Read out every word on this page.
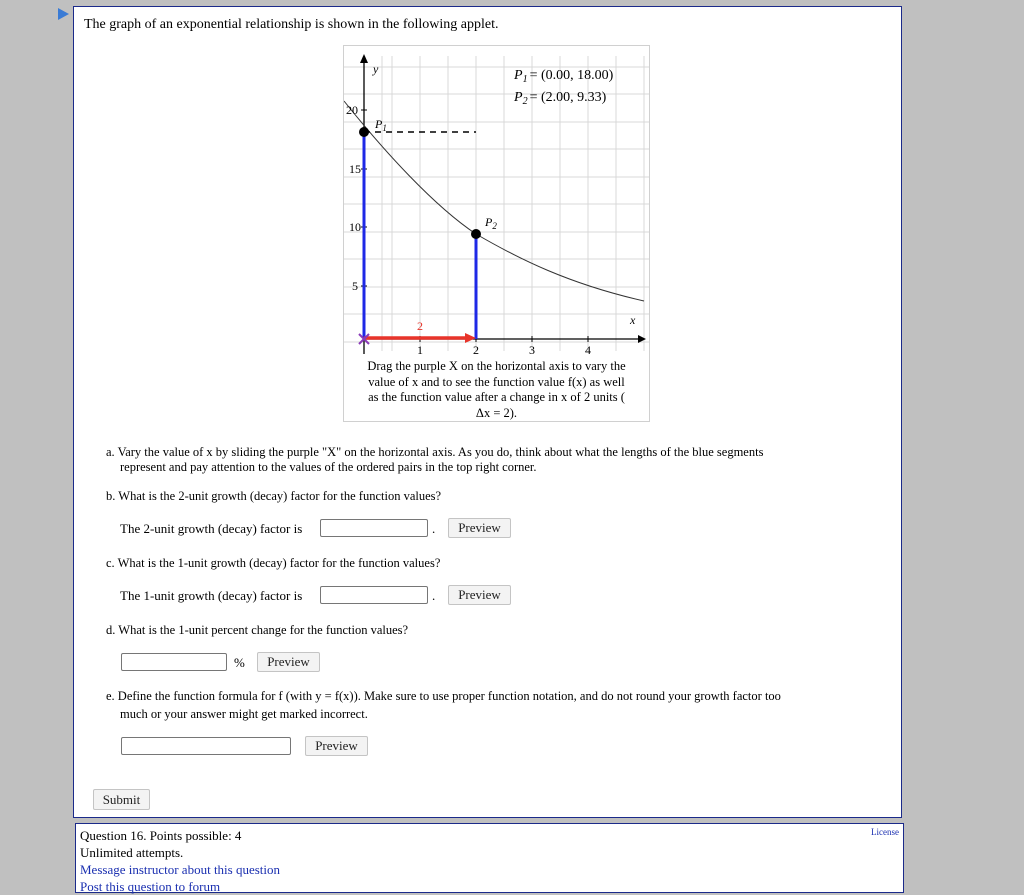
The graph of an exponential relationship is shown in the following applet.
20
15
10
5
1	2	3	4
2
y
x
$P_1$
$P_2$
$P_1 = (0.00$, 18.00)
$P_2 = (2.00$, 9.33)
Drag the purple X on the horizontal axis to vary the
value of x and to see the function value f(x) as well
as the function value after a change in x of 2 units (
Δx = 2).
a. Vary the value of x by sliding the purple "X" on the horizontal axis. As you do, think about what the lengths of the blue segments
represent and pay attention to the values of the ordered pairs in the top right corner.
b. What is the 2-unit growth (decay) factor for the function values?
The 2-unit growth (decay) factor is	.	Preview
c. What is the 1-unit growth (decay) factor for the function values?
The 1-unit growth (decay) factor is	.	Preview
d. What is the 1-unit percent change for the function values?
%	Preview
e. Define the function formula for f (with y = f(x)). Make sure to use proper function notation, and do not round your growth factor too
much or your answer might get marked incorrect.
Preview
Submit
Question 16. Points possible: 4
Unlimited attempts.
Message instructor about this question
Post this question to forum
License
